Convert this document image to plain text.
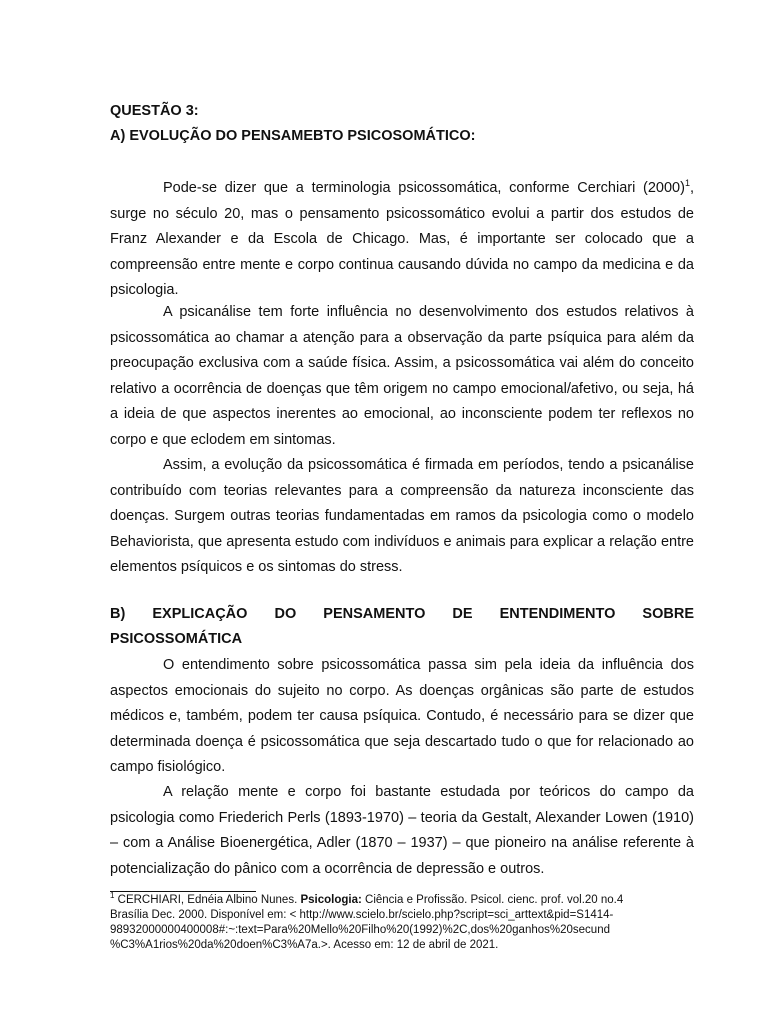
QUESTÃO 3:
A) EVOLUÇÃO DO PENSAMEBTO PSICOSOMÁTICO:

Pode-se dizer que a terminologia psicossomática, conforme Cerchiari $(2000)^1$, surge no século 20, mas o pensamento psicossomático evolui a partir dos estudos de Franz Alexander e da Escola de Chicago. Mas, é importante ser colocado que a compreensão entre mente e corpo continua causando dúvida no campo da medicina e da psicologia.

A psicanálise tem forte influência no desenvolvimento dos estudos relativos à psicossomática ao chamar a atenção para a observação da parte psíquica para além da preocupação exclusiva com a saúde física. Assim, a psicossomática vai além do conceito relativo a ocorrência de doenças que têm origem no campo emocional/afetivo, ou seja, há a ideia de que aspectos inerentes ao emocional, ao inconsciente podem ter reflexos no corpo e que eclodem em sintomas.

Assim, a evolução da psicossomática é firmada em períodos, tendo a psicanálise contribuído com teorias relevantes para a compreensão da natureza inconsciente das doenças. Surgem outras teorias fundamentadas em ramos da psicologia como o modelo Behaviorista, que apresenta estudo com indivíduos e animais para explicar a relação entre elementos psíquicos e os sintomas do stress.

B) EXPLICAÇÃO DO PENSAMENTO DE ENTENDIMENTO SOBRE
PSICOSSOMÁTICA

O entendimento sobre psicossomática passa sim pela ideia da influência dos aspectos emocionais do sujeito no corpo. As doenças orgânicas são parte de estudos médicos e, também, podem ter causa psíquica. Contudo, é necessário para se dizer que determinada doença é psicossomática que seja descartado tudo o que for relacionado ao campo fisiológico.

A relação mente e corpo foi bastante estudada por teóricos do campo da psicologia como Friederich Perls (1893-1970) – teoria da Gestalt, Alexander Lowen (1910) – com a Análise Bioenergética, Adler (1870 – 1937) – que pioneiro na análise referente à potencialização do pânico com a ocorrência de depressão e outros.

$^1$ CERCHIARI, Ednéia Albino Nunes. Psicologia: Ciência e Profissão. Psicol. cienc. prof. vol.20 no.4
Brasília Dec. 2000. Disponível em: < http://www.scielo.br/scielo.php?script=sci_arttext&pid=S1414-
98932000000400008#:~:text=Para%20Mello%20Filho%20(1992)%2C,dos%20ganhos%20secund
%C3%A1rios%20da%20doen%C3%A7a.>. Acesso em: 12 de abril de 2021.
